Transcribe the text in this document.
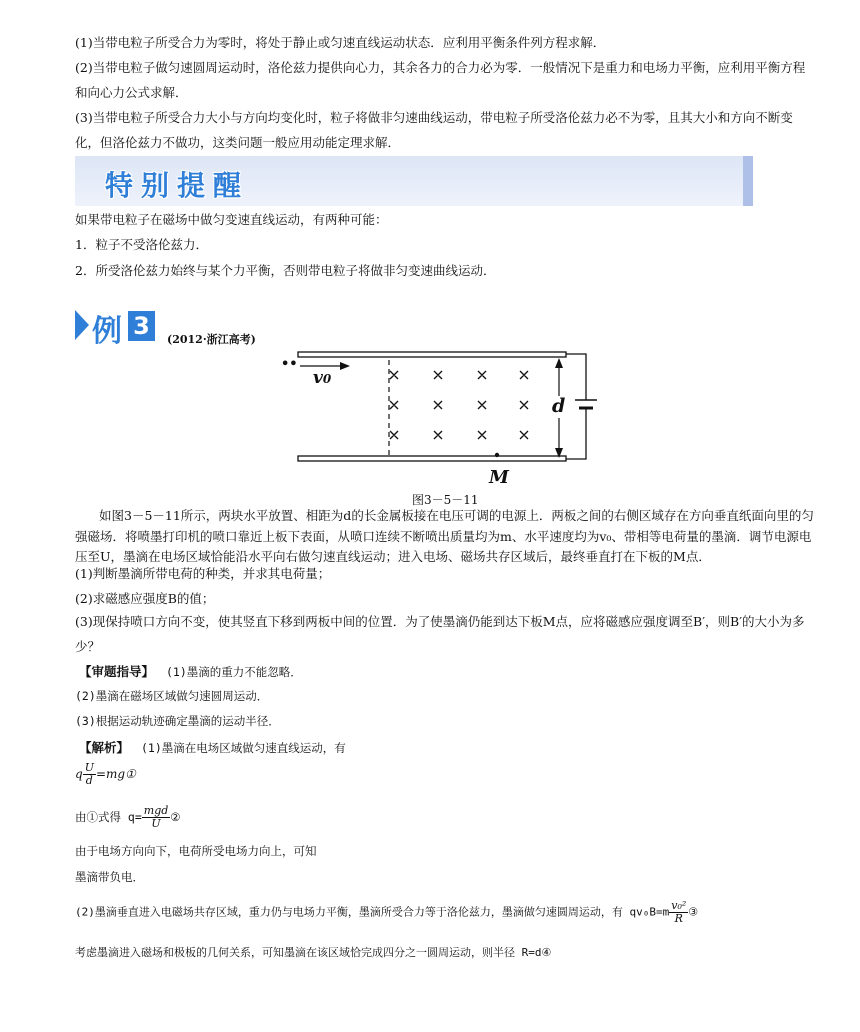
(1)当带电粒子所受合力为零时，将处于静止或匀速直线运动状态．应利用平衡条件列方程求解．

(2)当带电粒子做匀速圆周运动时，洛伦兹力提供向心力，其余各力的合力必为零．一般情况下是重力和电场力平衡，应利用平衡方程和向心力公式求解．

(3)当带电粒子所受合力大小与方向均变化时，粒子将做非匀速曲线运动，带电粒子所受洛伦兹力必不为零，且其大小和方向不断变化，但洛伦兹力不做功，这类问题一般应用动能定理求解．

特别提醒

如果带电粒子在磁场中做匀变速直线运动，有两种可能：

1．粒子不受洛伦兹力．

2．所受洛伦兹力始终与某个力平衡，否则带电粒子将做非匀变速曲线运动．

例 3	(2012·浙江高考)
••
v0
d
M
图3－5－11

如图3－5－11所示，两块水平放置、相距为d的长金属板接在电压可调的电源上．两板之间的右侧区域存在方向垂直纸面向里的匀强磁场．将喷墨打印机的喷口靠近上板下表面，从喷口连续不断喷出质量均为m、水平速度均为v₀、带相等电荷量的墨滴．调节电源电压至U，墨滴在电场区域恰能沿水平向右做匀速直线运动；进入电场、磁场共存区域后，最终垂直打在下板的M点．

(1)判断墨滴所带电荷的种类，并求其电荷量；

(2)求磁感应强度B的值；

(3)现保持喷口方向不变，使其竖直下移到两板中间的位置．为了使墨滴仍能到达下板M点，应将磁感应强度调至B′，则B′的大小为多少？

【审题指导】 (1)墨滴的重力不能忽略．
(2)墨滴在磁场区域做匀速圆周运动．
(3)根据运动轨迹确定墨滴的运动半径．
【解析】 (1)墨滴在电场区域做匀速直线运动，有
q $\frac{U}{d}$ =mg①
由①式得 $q= \frac{\text{mgd}}{U}$ ②
由于电场方向向下，电荷所受电场力向上，可知
墨滴带负电．
(2)墨滴垂直进入电磁场共存区域，重力仍与电场力平衡，墨滴所受合力等于洛伦兹力，墨滴做匀速圆周运动，有 $qv_0B=m \frac{\text{v₀²}}{R}$ ③
考虑墨滴进入磁场和极板的几何关系，可知墨滴在该区域恰完成四分之一圆周运动，则半径 R=d④
